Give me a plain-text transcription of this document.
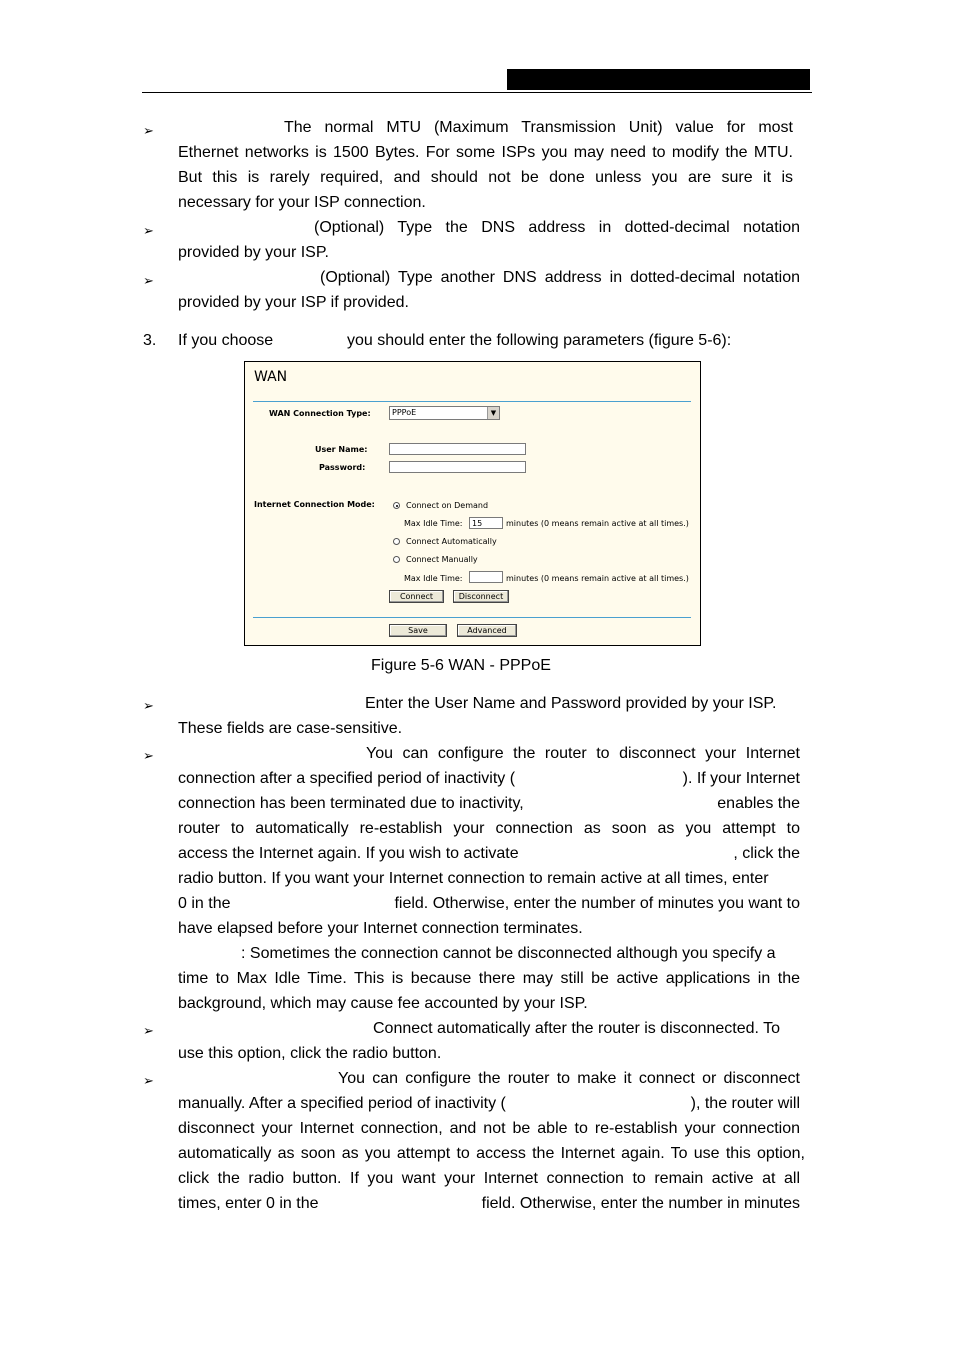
➢	The normal MTU (Maximum Transmission Unit) value for most
Ethernet networks is 1500 Bytes. For some ISPs you may need to modify the MTU.
But this is rarely required, and should not be done unless you are sure it is
necessary for your ISP connection.
➢	(Optional) Type the DNS address in dotted-decimal notation
provided by your ISP.
➢	(Optional) Type another DNS address in dotted-decimal notation
provided by your ISP if provided.
3. If you choose	you should enter the following parameters (figure 5-6):
WAN
WAN Connection Type:	PPPoE	▼
User Name:
Password:
Internet Connection Mode:	Connect on Demand
Max Idle Time:
15	minutes (0 means remain active at all times.)
Connect Automatically
Connect Manually
Max Idle Time:	minutes (0 means remain active at all times.)
Connect	Disconnect
Save	Advanced
Figure 5-6 WAN - PPPoE
➢	Enter the User Name and Password provided by your ISP.
These fields are case-sensitive.
➢	You can configure the router to disconnect your Internet
connection after a specified period of inactivity (	). If your Internet
connection has been terminated due to inactivity,	enables the
router to automatically re-establish your connection as soon as you attempt to
access the Internet again. If you wish to activate	, click the
radio button. If you want your Internet connection to remain active at all times, enter
0 in the	field. Otherwise, enter the number of minutes you want to
have elapsed before your Internet connection terminates.
: Sometimes the connection cannot be disconnected although you specify a
time to Max Idle Time. This is because there may still be active applications in the
background, which may cause fee accounted by your ISP.
➢	Connect automatically after the router is disconnected. To
use this option, click the radio button.
➢	You can configure the router to make it connect or disconnect
manually. After a specified period of inactivity (	), the router will
disconnect your Internet connection, and not be able to re-establish your connection
automatically as soon as you attempt to access the Internet again. To use this option,
click the radio button. If you want your Internet connection to remain active at all
times, enter 0 in the	field. Otherwise, enter the number in minutes
